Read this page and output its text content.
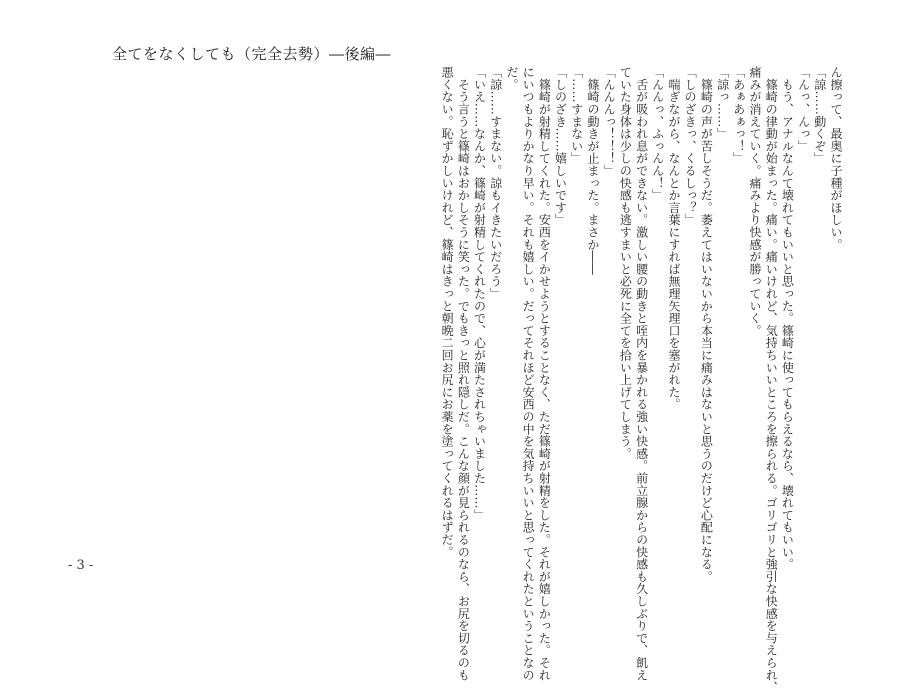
全てをなくしても（完全去勢）―後編―
ん擦って、最奥に子種がほしい。
「諒……動くぞ」
「んっ、んっ」
　もう、アナルなんて壊れてもいいと思った。篠崎に使ってもらえるなら、壊れてもいい。
　篠崎の律動が始まった。痛い。痛いけれど、気持ちいいところを擦られる。ゴリゴリと強引な快感を与えられ、
痛みが消えていく。痛みより快感が勝っていく。
「あぁあぁっ！」
「諒っ……」
　篠崎の声が苦しそうだ。萎えてはいないから本当に痛みはないと思うのだけど心配になる。
「しのざきっ、くるしっ？」
　喘ぎながら、なんとか言葉にすれば無理矢理口を塞がれた。
「んんっ、ふっんん！」
　舌が吸われ息ができない。激しい腰の動きと咥内を暴かれる強い快感。前立腺からの快感も久しぶりで、飢え
ていた身体は少しの快感も逃すまいと必死に全てを拾い上げてしまう。
「んんんっ！！！」
　篠崎の動きが止まった。まさか――
「……すまない」
「しのざき……嬉しいです」
　篠崎が射精してくれた。安西をイかせようとすることなく、ただ篠崎が射精をした。それが嬉しかった。それ
にいつもよりかなり早い。それも嬉しい。だってそれほど安西の中を気持ちいいと思ってくれたということなの
だ。
「諒……すまない。諒もイきたいだろう」
「いえ……なんか、篠崎が射精してくれたので、心が満たされちゃいました……」
　そう言うと篠崎はおかしそうに笑った。でもきっと照れ隠しだ。こんな顔が見られるのなら、お尻を切るのも
悪くない。恥ずかしいけれど、篠崎はきっと朝晩二回お尻にお薬を塗ってくれるはずだ。
- 3 -
